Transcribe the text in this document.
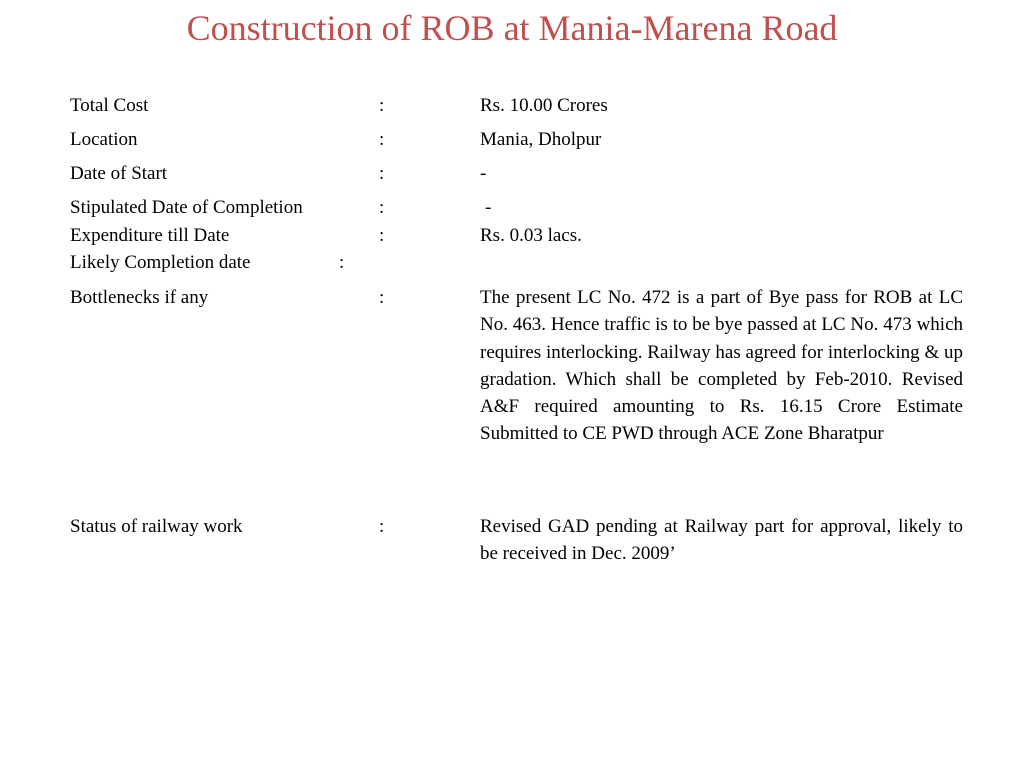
Construction of ROB at Mania-Marena Road
Total Cost	:	Rs. 10.00 Crores
Location	:	Mania, Dholpur
Date of Start	:	-
Stipulated Date of Completion	:	-
Expenditure till Date	:	Rs. 0.03 lacs.
Likely Completion date	:
Bottlenecks if any	:	The present LC No. 472 is a part of Bye pass for ROB at LC No. 463. Hence traffic is to be bye passed at LC No. 473 which requires interlocking. Railway has agreed for interlocking & up gradation. Which shall be completed by Feb-2010. Revised A&F required amounting to Rs. 16.15 Crore Estimate Submitted to CE PWD through ACE Zone Bharatpur
Status of railway work	:	Revised GAD pending at Railway part for approval, likely to be received in Dec. 2009’
